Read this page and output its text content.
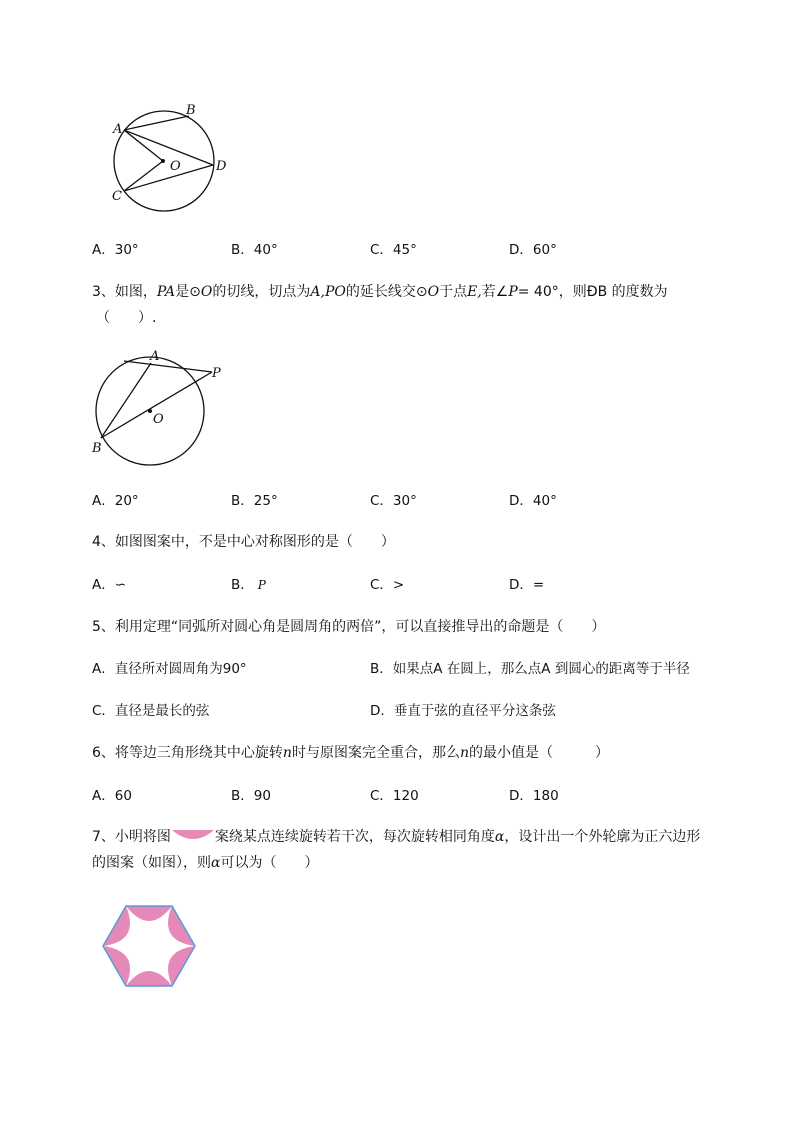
A
B
C
D
O
A．30°	B．40°	C．45°	D．60°
3、如图，PA是⊙O的切线，切点为A,PO的延长线交⊙O于点E,若∠P= 40°，则ÐB 的度数为
（　　）.
A
P
O
B
A．20°	B．25°	C．30°	D．40°
4、如图图案中，不是中心对称图形的是（　　）
A．∽	B． P	C．>	D．=
5、利用定理“同弧所对圆心角是圆周角的两倍”，可以直接推导出的命题是（　　）
A．直径所对圆周角为90°	B．如果点A 在圆上，那么点A 到圆心的距离等于半径
C．直径是最长的弦	D．垂直于弦的直径平分这条弦
6、将等边三角形绕其中心旋转n时与原图案完全重合，那么n的最小值是（　　　）
A．60	B．90	C．120	D．180
7、小明将图	案绕某点连续旋转若干次，每次旋转相同角度α，设计出一个外轮廓为正六边形
的图案（如图），则α可以为（　　）
